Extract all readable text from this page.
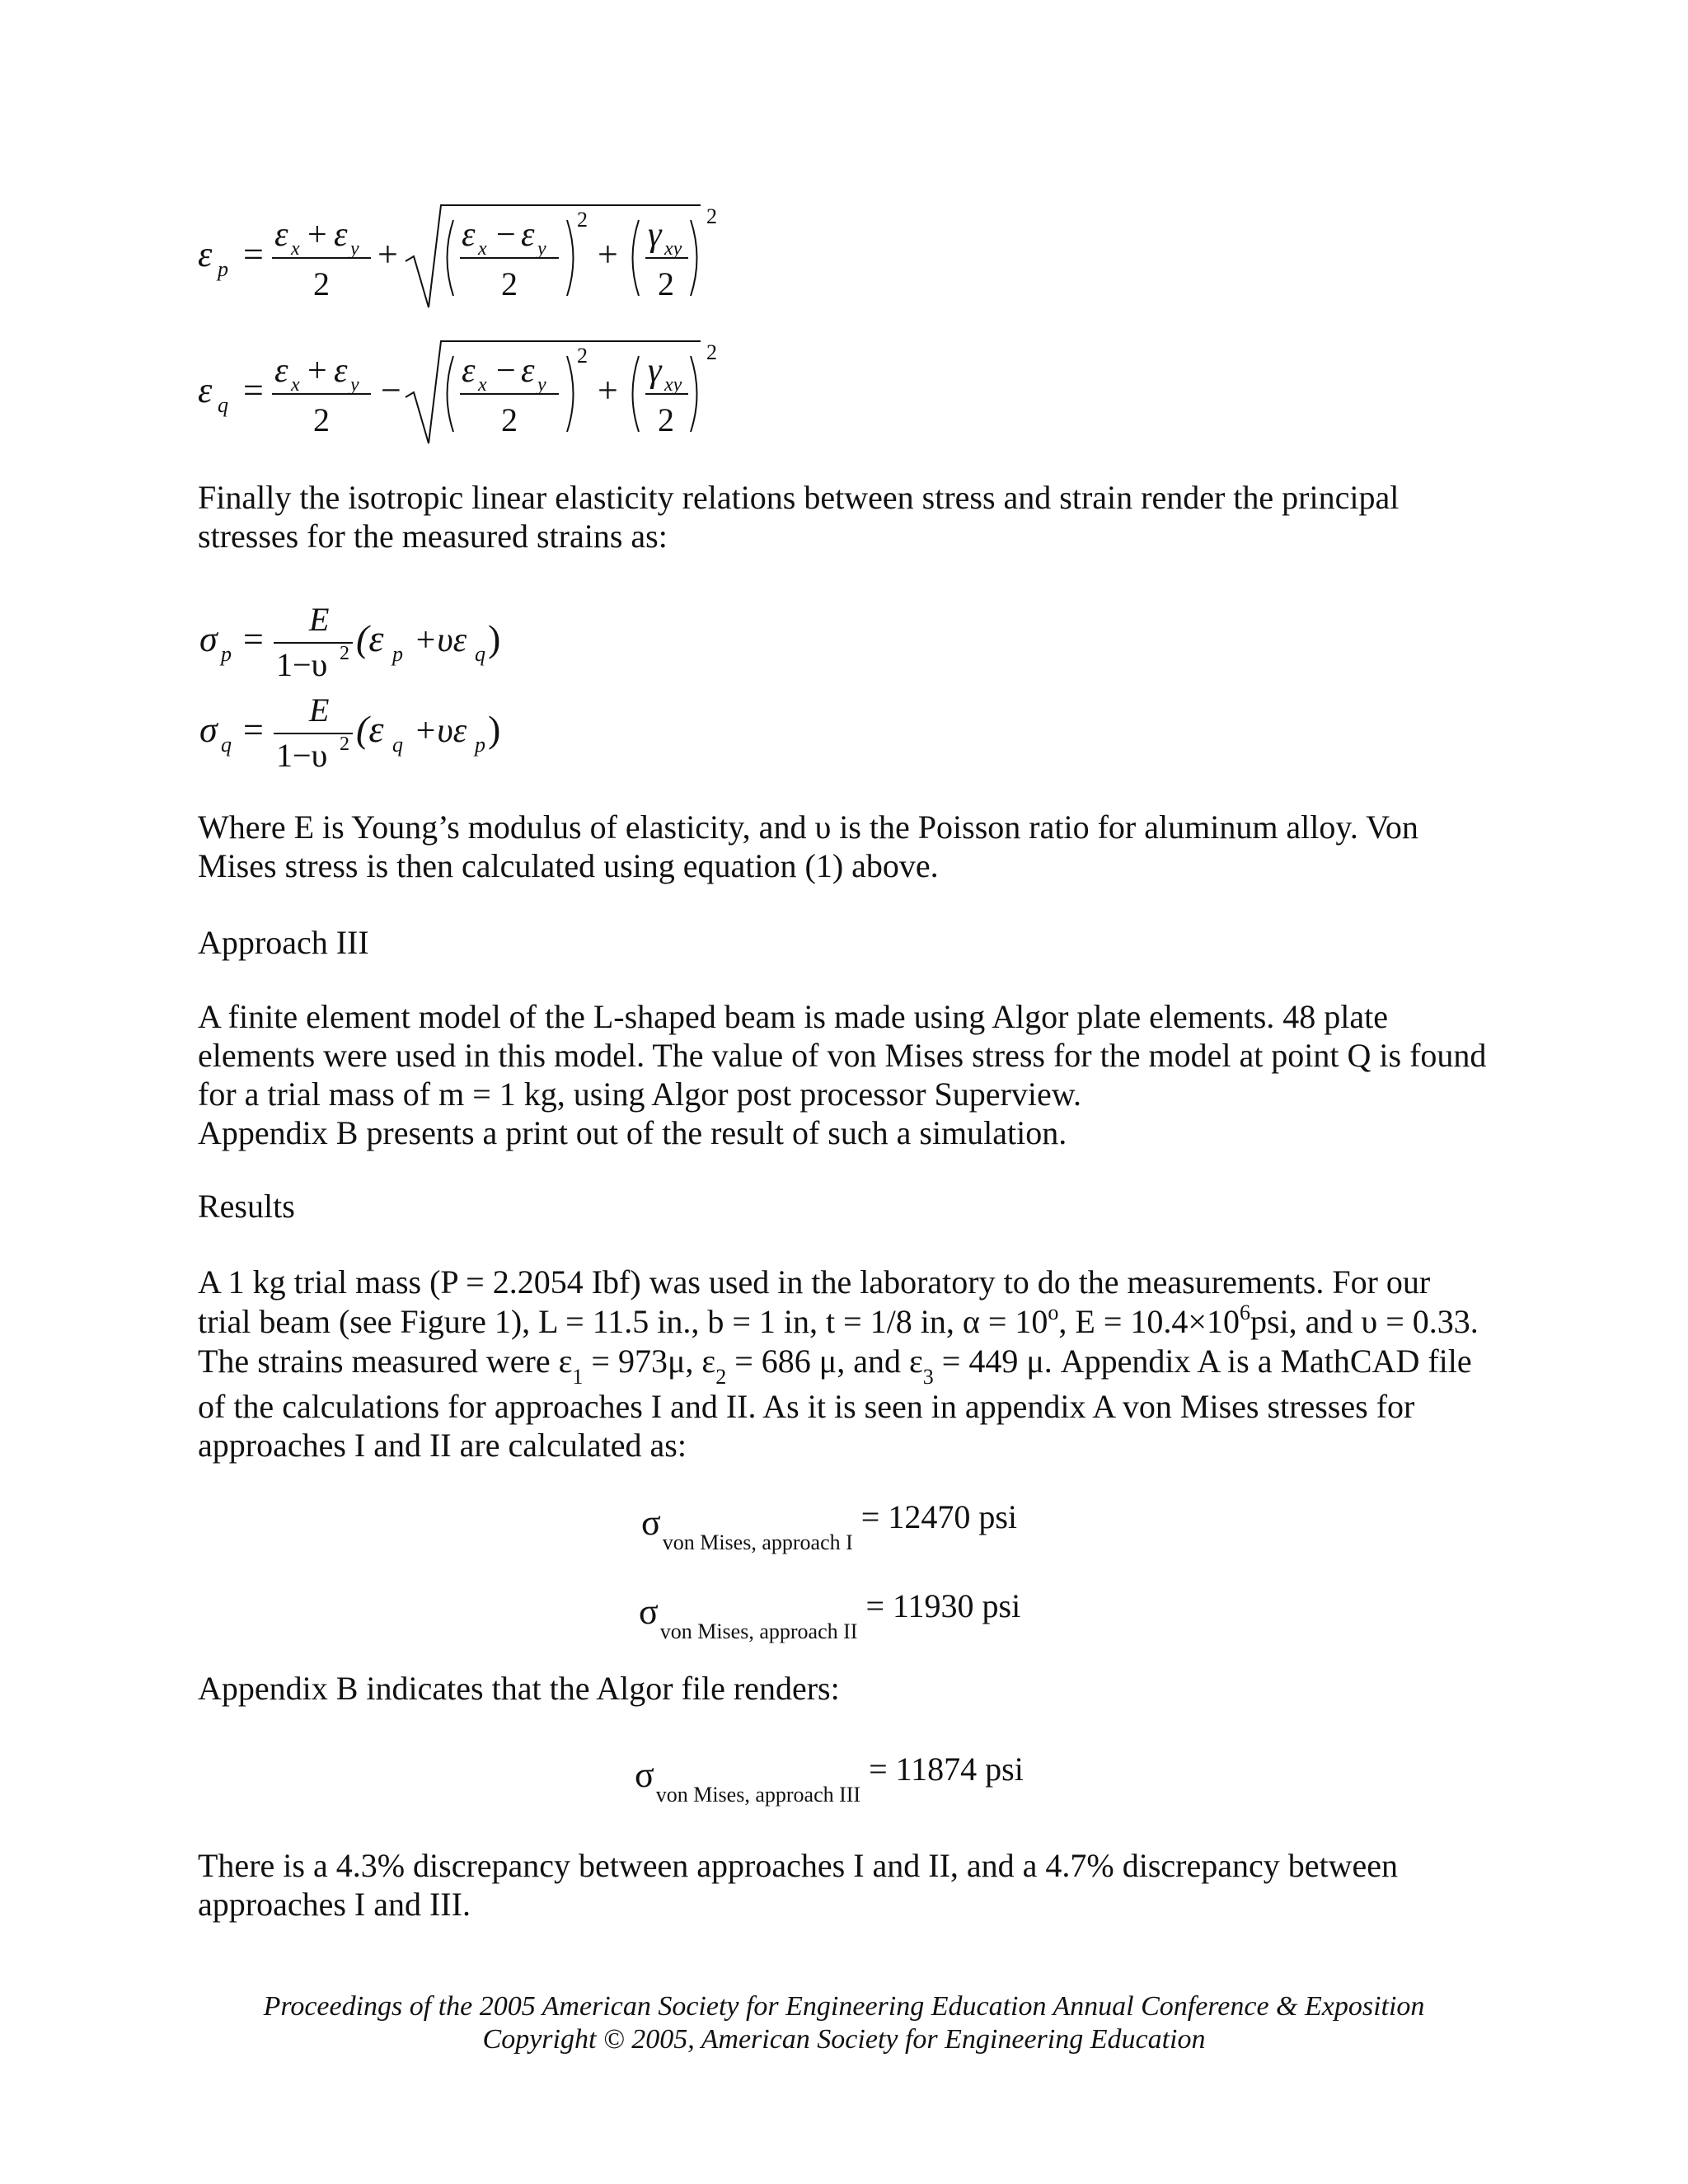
ε p = ε x + ε y
2
+ ε x − ε y
2
2
+ γ xy
2
2
ε q = ε x + ε y
2
− ε x − ε y
2
2
+ γ xy
2
2

Finally the isotropic linear elasticity relations between stress and strain render the principal stresses for the measured strains as:

σ p = E
1−υ 2 (ε p +υε q )
σ q = E
1−υ 2 (ε q +υε p )

Where E is Young’s modulus of elasticity, and υ is the Poisson ratio for aluminum alloy. Von Mises stress is then calculated using equation (1) above.

Approach III

A finite element model of the L-shaped beam is made using Algor plate elements. 48 plate elements were used in this model. The value of von Mises stress for the model at point Q is found for a trial mass of m = 1 kg, using Algor post processor Superview.

Appendix B presents a print out of the result of such a simulation.

Results

A 1 kg trial mass (P = 2.2054 Ibf) was used in the laboratory to do the measurements. For our
trial beam (see Figure 1), L = 11.5 in., b = 1 in, t = 1/8 in, $\alpha = 10^o$, $E = 10.4\times 10^6psi$, and υ = 0.33.
The strains measured were $\varepsilon_1 = 973\mu$, $\varepsilon_2 = 686$ μ, and $\varepsilon_3 = 449$ μ. Appendix A is a MathCAD file

of the calculations for approaches I and II. As it is seen in appendix A von Mises stresses for approaches I and II are calculated as:

$\sigma_{von Mises, approach I}= 12470$ psi
$\sigma_{von Mises, approach II}= 11930$ psi

Appendix B indicates that the Algor file renders:

$\sigma_{von Mises, approach III}= 11874$ psi

There is a 4.3% discrepancy between approaches I and II, and a 4.7% discrepancy between approaches I and III.

Proceedings of the 2005 American Society for Engineering Education Annual Conference & Exposition
Copyright © 2005, American Society for Engineering Education
